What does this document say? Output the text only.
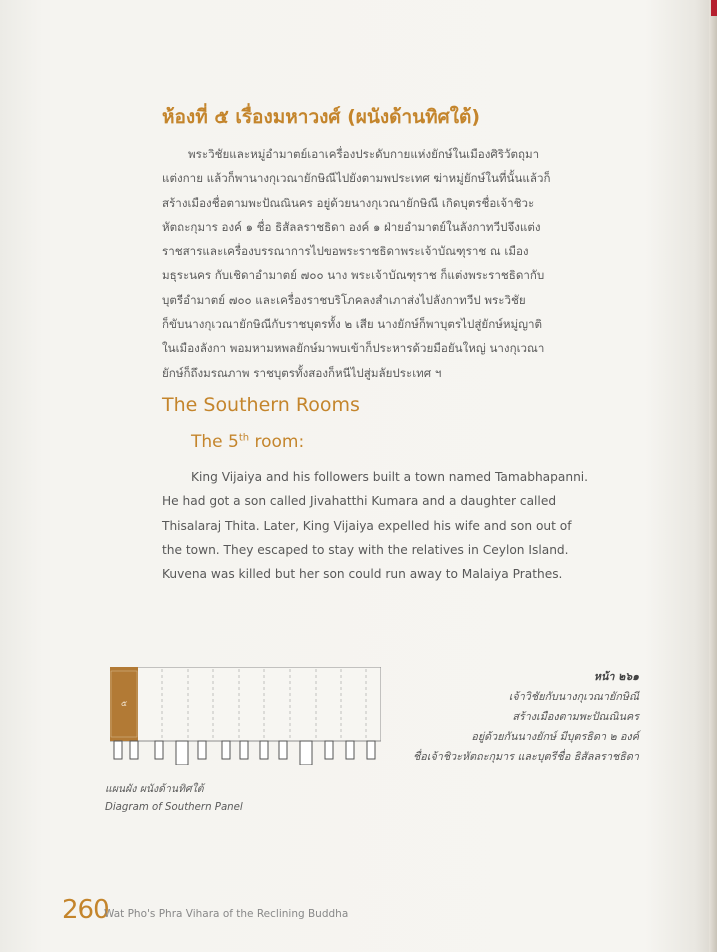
ห้องที่ ๕ เรื่องมหาวงศ์ (ผนังด้านทิศใต้)
พระวิชัยและหมู่อำมาตย์เอาเครื่องประดับกายแห่งยักษ์ในเมืองศิริวัตถุมา
แต่งกาย แล้วก็พานางกุเวณายักษิณีไปยังตามพประเทศ ฆ่าหมู่ยักษ์ในที่นั้นแล้วก็
สร้างเมืองชื่อตามพะปัณณินคร อยู่ด้วยนางกุเวณายักษิณี เกิดบุตรชื่อเจ้าชิวะ
หัตถะกุมาร องค์ ๑ ชื่อ ธิสัลลราชธิดา องค์ ๑ ฝ่ายอำมาตย์ในลังกาทวีปจึงแต่ง
ราชสารและเครื่องบรรณาการไปขอพระราชธิดาพระเจ้าบัณฑุราช ณ เมือง
มธุระนคร กับเชิดาอำมาตย์ ๗๐๐ นาง พระเจ้าบัณฑุราช ก็แต่งพระราชธิดากับ
บุตรีอำมาตย์ ๗๐๐ และเครื่องราชบริโภคลงสำเภาส่งไปลังกาทวีป พระวิชัย
ก็ขับนางกุเวณายักษิณีกับราชบุตรทั้ง ๒ เสีย นางยักษ์ก็พาบุตรไปสู่ยักษ์หมู่ญาติ
ในเมืองลังกา พอมหามหพลยักษ์มาพบเข้าก็ประหารด้วยมือยันใหญ่ นางกุเวณา
ยักษ์ก็ถึงมรณภาพ ราชบุตรทั้งสองก็หนีไปสู่มลัยประเทศ ฯ
The Southern Rooms
The 5th room:
King Vijaiya and his followers built a town named Tamabhapanni.
He had got a son called Jivahatthi Kumara and a daughter called
Thisalaraj Thita. Later, King Vijaiya expelled his wife and son out of
the town. They escaped to stay with the relatives in Ceylon Island.
Kuvena was killed but her son could run away to Malaiya Prathes.
๕
แผนผัง ผนังด้านทิศใต้
Diagram of Southern Panel
หน้า ๒๖๑
เจ้าวิชัยกับนางกุเวณายักษิณี
สร้างเมืองตามพะปัณณินคร
อยู่ด้วยกันนางยักษ์ มีบุตรธิดา ๒ องค์
ชื่อเจ้าชิวะหัตถะกุมาร และบุตรีชื่อ ธิสัลลราชธิดา
260
Wat Pho's Phra Vihara of the Reclining Buddha
